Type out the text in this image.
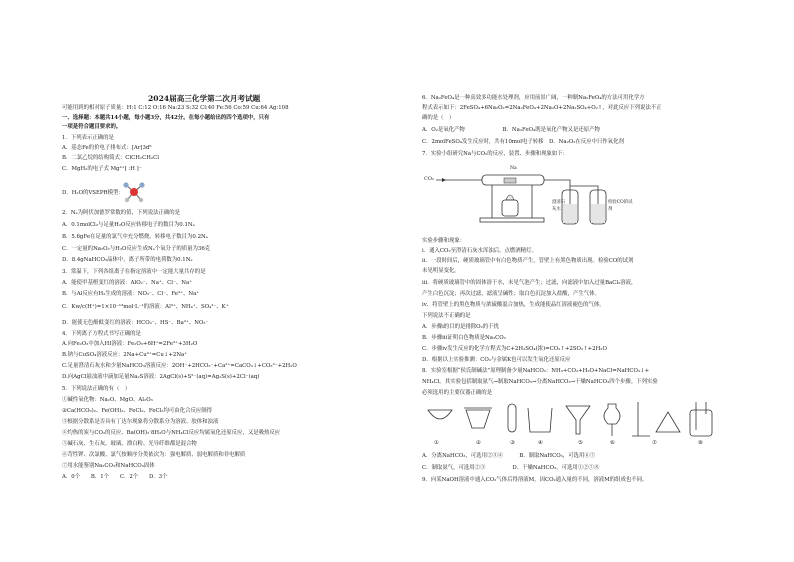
2024届高三化学第二次月考试题
可能用到的相对原子质量：H:1 C:12 O:16 Na:23 S:32 Cl:40 Fe:56 Co:59 Cu:64 Ag:108
一、选择题：本题共14小题，每小题3分，共42分。在每小题给出的四个选项中，只有
一项是符合题目要求的。
1．下列表示正确的是
A．基态Fe的价电子排布式：[Ar]3d⁶
B．二氯乙烷的结构简式：ClCH₂CH₂Cl
C．MgH₂的电子式 Mg²⁺[ :H ]⁻
D．H₂O的VSEPR模型：
2．Nₐ为阿伏加德罗常数的值，下列说法正确的是
A．0.1molCl₂与足量H₂O反应转移电子的数目为0.1Nₐ
B．5.6gFe在足量的氯气中充分燃烧，转移电子数目为0.2Nₐ
C．一定量的Na₂O₂与H₂O反应生成Nₐ个氧分子的质量为36克
D．8.4gNaHCO₃晶体中，离子所带的电荷数为0.1Nₐ
3．常温下，下列各组离子在指定溶液中一定能大量共存的是
A．能使甲基橙变红的溶液：AlO₂⁻、Na⁺、Cl⁻、Na⁺
B．与Al反应有H₂生成的溶液：NO₃⁻、Cl⁻、Fe³⁺、Na⁺
C．Kw/c(H⁺)=1×10⁻¹³mol·L⁻¹的溶液：Al³⁺、NH₄⁺、SO₄²⁻、K⁺
D．能使无色酚酞变红的溶液：HCO₃⁻、HS⁻、Ba²⁺、NO₃⁻
4．下列离子方程式书写正确的是
A.向Fe₂O₃中加入HI溶液：Fe₂O₃+6H⁺=2Fe³⁺+3H₂O
B.钠与CuSO₄溶液反应：2Na+Cu²⁺=Cu↓+2Na⁺
C.足量澄清石灰水和少量NaHCO₃溶液反应：2OH⁻+2HCO₃⁻+Ca²⁺=CaCO₃↓+CO₃²⁻+2H₂O
D.向AgCl悬浊液中滴加足量Na₂S溶液：2AgCl(s)+S²⁻(aq)=Ag₂S(s)+2Cl⁻(aq)
5．下列说法正确的有（　）
①碱性氧化物：Na₂O、MgO、Al₂O₃
②Ca(HCO₃)₂、Fe(OH)₃、FeCl₂、FeCl₃均可由化合反应制得
③根据分散系是否具有丁达尔现象将分散系分为溶液、胶体和浊液
④灼热的炭与CO₂的反应、Ba(OH)₂·8H₂O与NH₄Cl反应均属氧化还原反应，又是吸热反应
⑤碱石灰、生石灰、玻璃、漂白粉、光导纤维都是混合物
⑥苛性钾、次氯酸、氯气按顺序分类依次为：强电解质、弱电解质和非电解质
⑦用水能鉴别Na₂CO₃和NaHCO₃固体
A．0个　　B．1个　　C．2个　　D．3个
6．Na₂FeO₄是一种高效多功能水处理剂，应用前景广阔，一种制Na₂FeO₄的方法可用化学方
程式表示如下：2FeSO₄+6Na₂O₂=2Na₂FeO₄+2Na₂O+2Na₂SO₄+O₂↑，对此反应下列说法不正
确的是（　）
A．O₂是氧化产物　　　　　　　B．Na₂FeO₄既是氧化产物又是还原产物
C．2molFeSO₄发生反应时，共有10mol电子转移　D．Na₂O₂在反应中只作氧化剂
7．实验小组研究Na与CO₂的反应，装置、步骤和现象如下：
CO₂
Na
澄清石灰水
检验CO的试剂
实验步骤和现象：
i．通入CO₂至澄清石灰水浑浊后，点燃酒精灯。
ii．一段时间后，硬质玻璃管中有白色物质产生，管壁上有黑色物质出现。检验CO的试剂
未见明显变化。
iii．将硬质玻璃管中的固体溶于水，未见气泡产生；过滤，向滤液中加入过量BaCl₂溶液，
产生白色沉淀；再次过滤，滤液呈碱性；取白色沉淀加入盐酸，产生气体。
iv．将管壁上的黑色物质与浓硫酸混合加热，生成能使品红溶液褪色的气体。
下列说法不正确的是
A．步骤i的目的是排除O₂的干扰
B．步骤iii证明白色物质是Na₂CO₃
C．步骤iv发生反应的化学方程式为C+2H₂SO₄(浓)=CO₂↑+2SO₂↑+2H₂O
D．根据以上实验推测：CO₂与金属K也可以发生氧化还原反应
8．实验室根据“侯氏制碱法”原理制备少量NaHCO₃：NH₃+CO₂+H₂O+NaCl=NaHCO₃↓+
NH₄Cl。其实验包括制取氨气→制取NaHCO₃→分离NaHCO₃→干燥NaHCO₃四个步骤。下列实验
必须选用的主要仪器正确的是
①	②	③	④	⑤	⑥	⑦	⑧
A．分离NaHCO₃，可选用②③④　　　B．制取NaHCO₃，可选用⑥⑦
C．制取氨气，可选用②③　　　　　D．干燥NaHCO₃，可选用①②⑦⑧
9．向某NaOH溶液中通入CO₂气体后得溶液M，因CO₂通入量的不同，溶液M的组成也不同。
